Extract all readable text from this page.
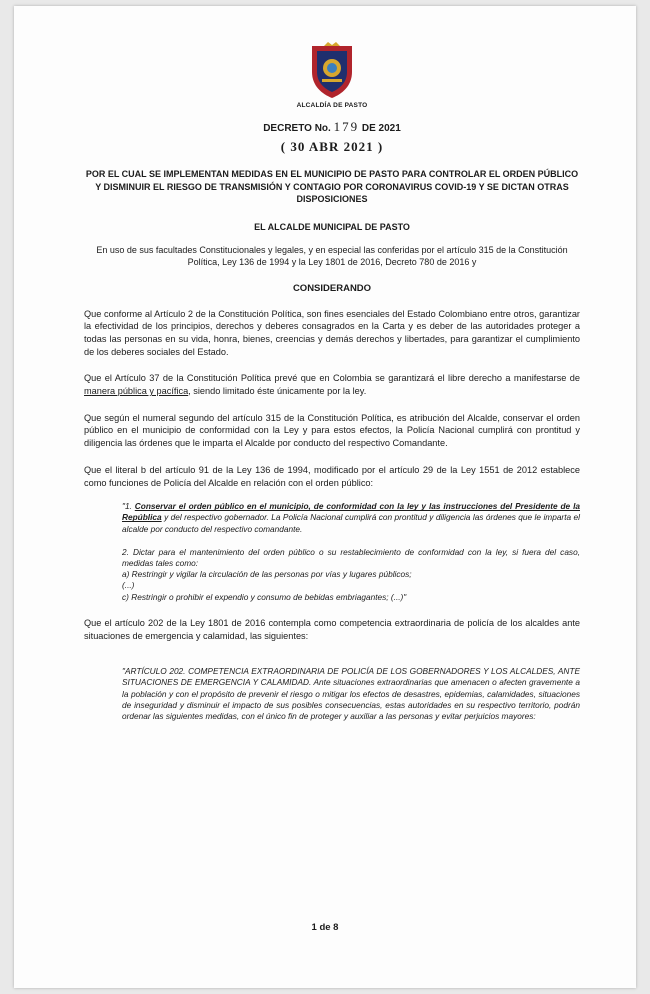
ALCALDÍA DE PASTO
DECRETO No. 179 DE 2021
( 30 ABR 2021 )
POR EL CUAL SE IMPLEMENTAN MEDIDAS EN EL MUNICIPIO DE PASTO PARA CONTROLAR EL ORDEN PÚBLICO Y DISMINUIR EL RIESGO DE TRANSMISIÓN Y CONTAGIO POR CORONAVIRUS COVID-19 Y SE DICTAN OTRAS DISPOSICIONES
EL ALCALDE MUNICIPAL DE PASTO
En uso de sus facultades Constitucionales y legales, y en especial las conferidas por el artículo 315 de la Constitución Política, Ley 136 de 1994 y la Ley 1801 de 2016, Decreto 780 de 2016 y
CONSIDERANDO

Que conforme al Artículo 2 de la Constitución Política, son fines esenciales del Estado Colombiano entre otros, garantizar la efectividad de los principios, derechos y deberes consagrados en la Carta y es deber de las autoridades proteger a todas las personas en su vida, honra, bienes, creencias y demás derechos y libertades, para garantizar el cumplimiento de los deberes sociales del Estado.

Que el Artículo 37 de la Constitución Política prevé que en Colombia se garantizará el libre derecho a manifestarse de manera pública y pacífica, siendo limitado éste únicamente por la ley.

Que según el numeral segundo del artículo 315 de la Constitución Política, es atribución del Alcalde, conservar el orden público en el municipio de conformidad con la Ley y para estos efectos, la Policía Nacional cumplirá con prontitud y diligencia las órdenes que le imparta el Alcalde por conducto del respectivo Comandante.

Que el literal b del artículo 91 de la Ley 136 de 1994, modificado por el artículo 29 de la Ley 1551 de 2012 establece como funciones de Policía del Alcalde en relación con el orden público:

"1. Conservar el orden público en el municipio, de conformidad con la ley y las instrucciones del Presidente de la República y del respectivo gobernador. La Policía Nacional cumplirá con prontitud y diligencia las órdenes que le imparta el alcalde por conducto del respectivo comandante.
2. Dictar para el mantenimiento del orden público o su restablecimiento de conformidad con la ley, si fuera del caso, medidas tales como:
a) Restringir y vigilar la circulación de las personas por vías y lugares públicos;
(...)
c) Restringir o prohibir el expendio y consumo de bebidas embriagantes; (...)"

Que el artículo 202 de la Ley 1801 de 2016 contempla como competencia extraordinaria de policía de los alcaldes ante situaciones de emergencia y calamidad, las siguientes:

"ARTÍCULO 202. COMPETENCIA EXTRAORDINARIA DE POLICÍA DE LOS GOBERNADORES Y LOS ALCALDES, ANTE SITUACIONES DE EMERGENCIA Y CALAMIDAD. Ante situaciones extraordinarias que amenacen o afecten gravemente a la población y con el propósito de prevenir el riesgo o mitigar los efectos de desastres, epidemias, calamidades, situaciones de inseguridad y disminuir el impacto de sus posibles consecuencias, estas autoridades en su respectivo territorio, podrán ordenar las siguientes medidas, con el único fin de proteger y auxiliar a las personas y evitar perjuicios mayores:
1 de 8
